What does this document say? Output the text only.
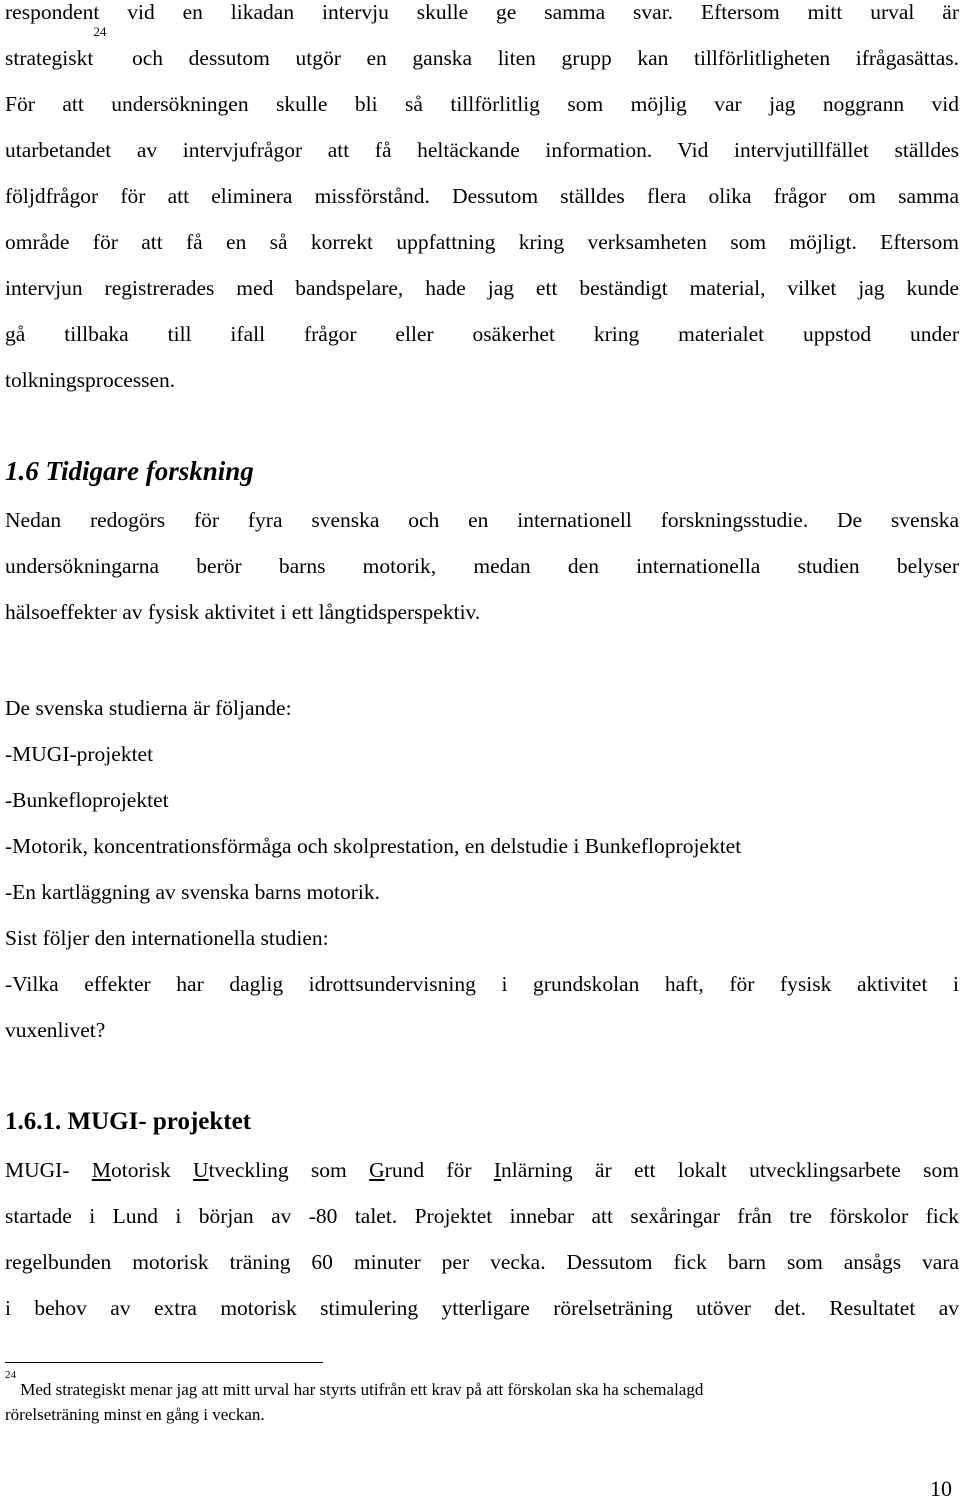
respondent vid en likadan intervju skulle ge samma svar. Eftersom mitt urval är
strategiskt$^{24}$ och dessutom utgör en ganska liten grupp kan tillförlitligheten ifrågasättas.
För att undersökningen skulle bli så tillförlitlig som möjlig var jag noggrann vid
utarbetandet av intervjufrågor att få heltäckande information. Vid intervjutillfället ställdes
följdfrågor för att eliminera missförstånd. Dessutom ställdes flera olika frågor om samma
område för att få en så korrekt uppfattning kring verksamheten som möjligt. Eftersom
intervjun registrerades med bandspelare, hade jag ett beständigt material, vilket jag kunde
gå tillbaka till ifall frågor eller osäkerhet kring materialet uppstod under
tolkningsprocessen.
1.6 Tidigare forskning
Nedan redogörs för fyra svenska och en internationell forskningsstudie. De svenska
undersökningarna berör barns motorik, medan den internationella studien belyser
hälsoeffekter av fysisk aktivitet i ett långtidsperspektiv.
De svenska studierna är följande:
-MUGI-projektet
-Bunkefloprojektet
-Motorik, koncentrationsförmåga och skolprestation, en delstudie i Bunkefloprojektet
-En kartläggning av svenska barns motorik.
Sist följer den internationella studien:
-Vilka effekter har daglig idrottsundervisning i grundskolan haft, för fysisk aktivitet i
vuxenlivet?
1.6.1. MUGI- projektet
MUGI- Motorisk Utveckling som Grund för Inlärning är ett lokalt utvecklingsarbete som
startade i Lund i början av -80 talet. Projektet innebar att sexåringar från tre förskolor fick
regelbunden motorisk träning 60 minuter per vecka. Dessutom fick barn som ansågs vara
i behov av extra motorisk stimulering ytterligare rörelseträning utöver det. Resultatet av
$^{24}$ Med strategiskt menar jag att mitt urval har styrts utifrån ett krav på att förskolan ska ha schemalagd
rörelseträning minst en gång i veckan.
10
